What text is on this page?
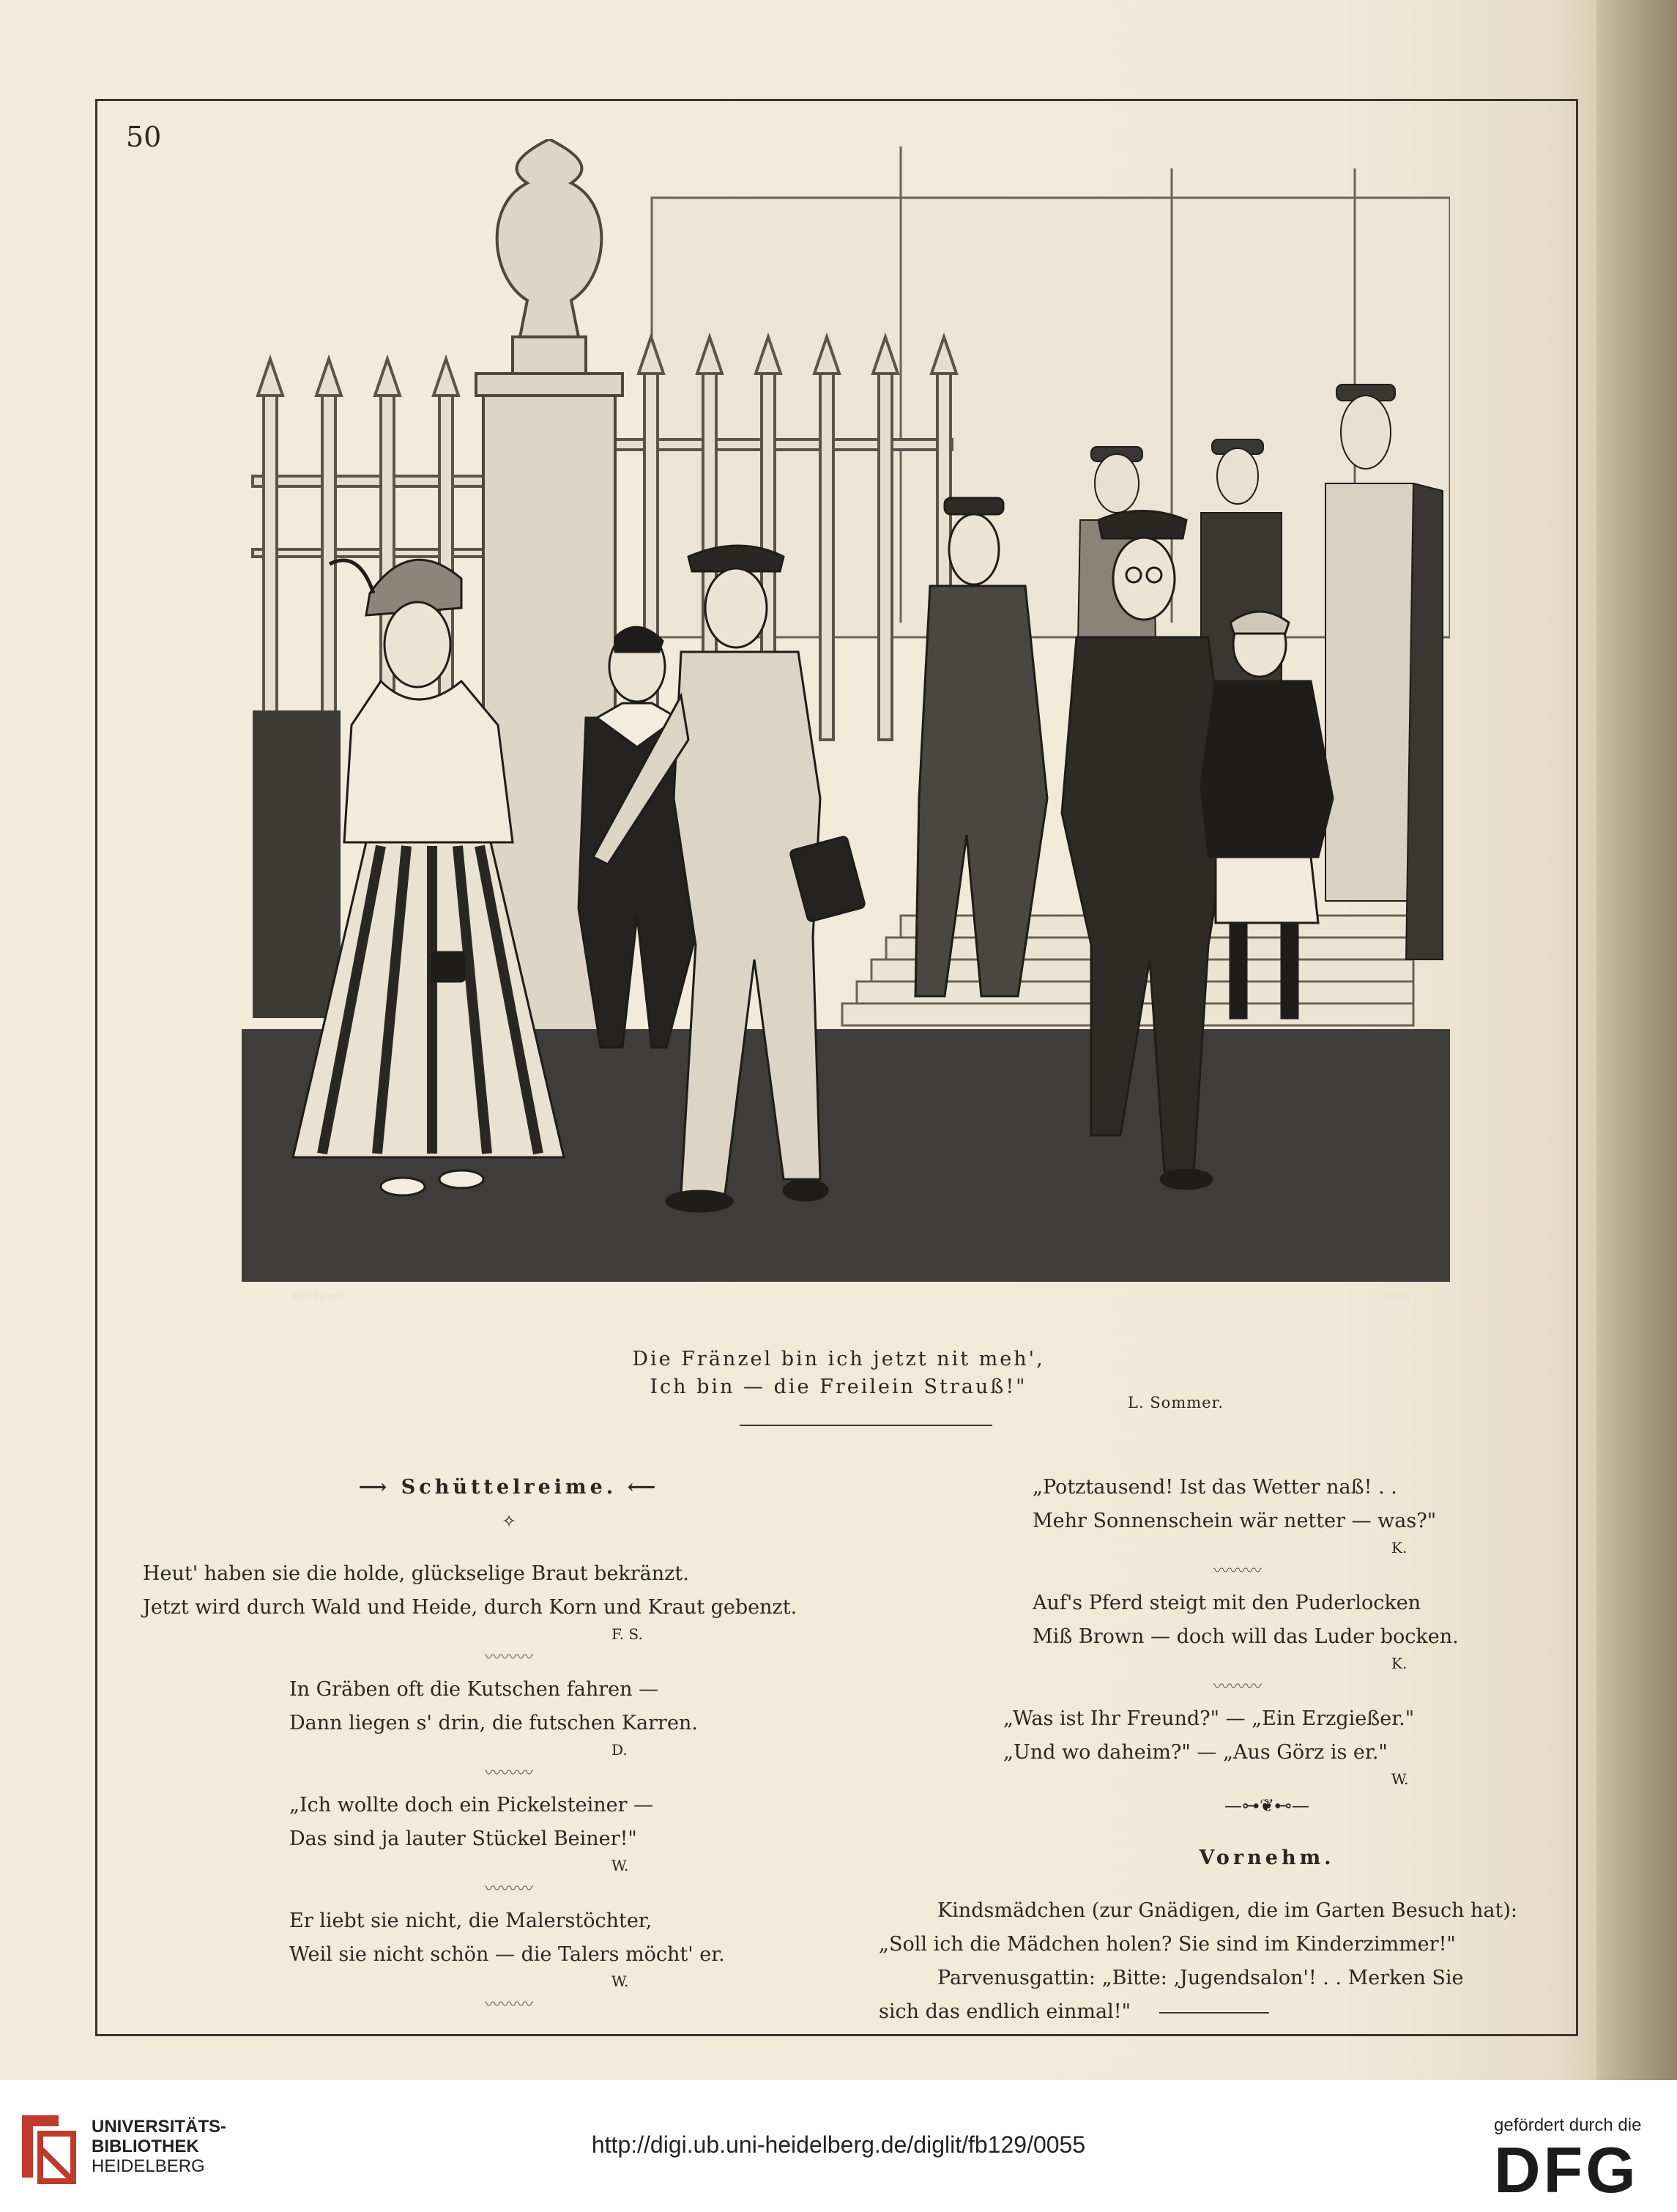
50
Kirchner.	MR©
Die Fränzel bin ich jetzt nit meh',
Ich bin — die Freilein Strauß!"
L. Sommer.
⟶ Schüttelreime. ⟵
✧
Heut' haben sie die holde, glückselige Braut bekränzt.
Jetzt wird durch Wald und Heide, durch Korn und Kraut gebenzt.
F. S.
〰〰〰
In Gräben oft die Kutschen fahren —
Dann liegen s' drin, die futschen Karren.
D.
〰〰〰
„Ich wollte doch ein Pickelsteiner —
Das sind ja lauter Stückel Beiner!"
W.
〰〰〰
Er liebt sie nicht, die Malerstöchter,
Weil sie nicht schön — die Talers möcht' er.
W.
〰〰〰
„Potztausend! Ist das Wetter naß! . .
Mehr Sonnenschein wär netter — was?"
K.
〰〰〰
Auf's Pferd steigt mit den Puderlocken
Miß Brown — doch will das Luder bocken.
K.
〰〰〰
„Was ist Ihr Freund?" — „Ein Erzgießer."
„Und wo daheim?" — „Aus Görz is er."
W.
—⊶❦⊷—
Vornehm.
Kindsmädchen (zur Gnädigen, die im Garten Besuch hat):
„Soll ich die Mädchen holen? Sie sind im Kinderzimmer!"
Parvenusgattin: „Bitte: ‚Jugendsalon'! . . Merken Sie
sich das endlich einmal!"
UNIVERSITÄTS-
BIBLIOTHEK
HEIDELBERG
http://digi.ub.uni-heidelberg.de/diglit/fb129/0055
gefördert durch die
DFG
